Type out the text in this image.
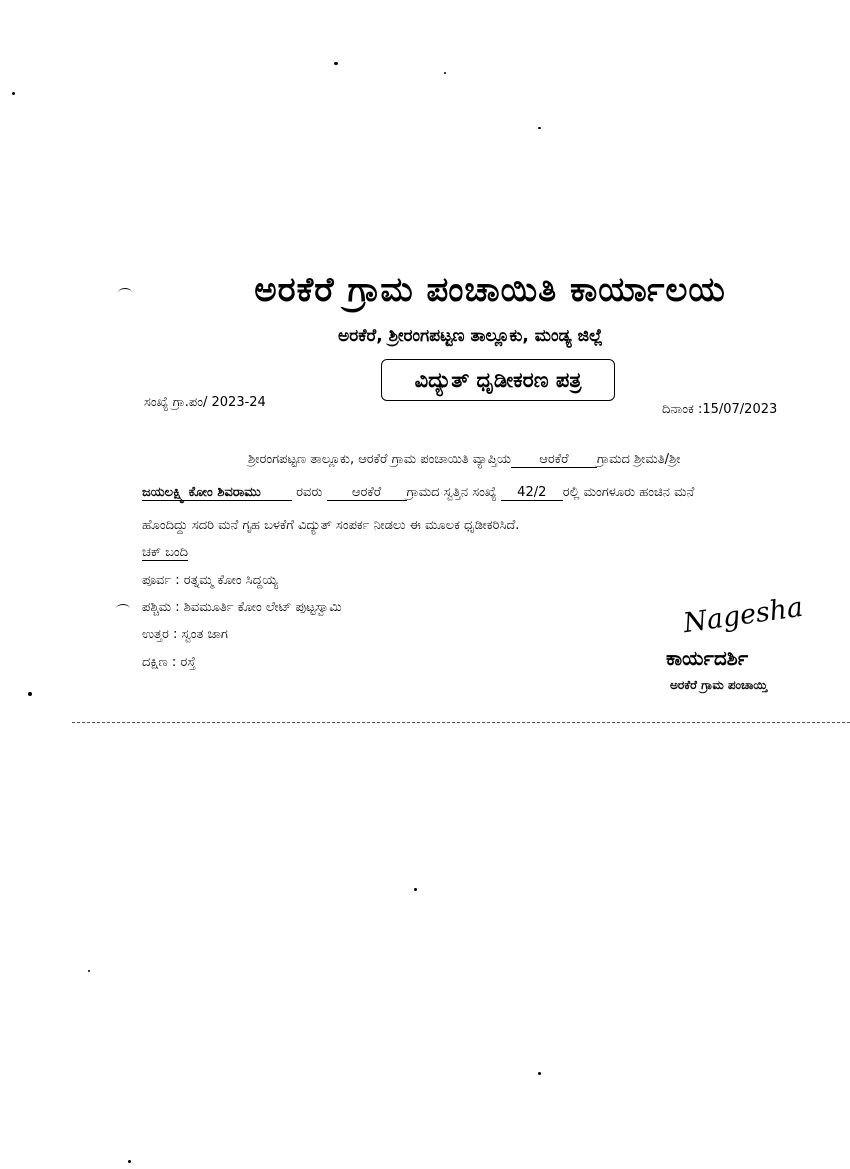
ಅರಕೆರೆ ಗ್ರಾಮ ಪಂಚಾಯಿತಿ ಕಾರ್ಯಾಲಯ
ಅರಕೆರೆ, ಶ್ರೀರಂಗಪಟ್ಟಣ ತಾಲ್ಲೂಕು, ಮಂಡ್ಯ ಜಿಲ್ಲೆ
ವಿದ್ಯುತ್ ಧೃಡೀಕರಣ ಪತ್ರ
ಸಂಖ್ಯೆ ಗ್ರಾ.ಪಂ/ 2023-24	ದಿನಾಂಕ :15/07/2023
ಶ್ರೀರಂಗಪಟ್ಟಣ ತಾಲ್ಲೂಕು, ಆರಕೆರೆ ಗ್ರಾಮ ಪಂಚಾಯಿತಿ ವ್ಯಾಪ್ತಿಯ ಆರಕೆರೆ ಗ್ರಾಮದ ಶ್ರೀಮತಿ/ಶ್ರೀ
ಜಯಲಕ್ಷ್ಮಿ ಕೋಂ ಶಿವರಾಮು	ರವರು ಆರಕೆರೆ ಗ್ರಾಮದ ಸ್ವತ್ತಿನ ಸಂಖ್ಯೆ 42/2 ರಲ್ಲಿ ಮಂಗಳೂರು ಹಂಚಿನ ಮನೆ
ಹೊಂದಿದ್ದು ಸದರಿ ಮನೆ ಗೃಹ ಬಳಕೆಗೆ ವಿದ್ಯುತ್ ಸಂಪರ್ಕ ನೀಡಲು ಈ ಮೂಲಕ ಧೃಡೀಕರಿಸಿದೆ.
ಚಕ್ ಬಂದಿ
ಪೂರ್ವ : ರತ್ನಮ್ಮ ಕೋಂ ಸಿದ್ದಯ್ಯ
ಪಶ್ಚಿಮ : ಶಿವಮೂರ್ತಿ ಕೋಂ ಲೇಟ್ ಪುಟ್ಟಸ್ವಾಮಿ
ಉತ್ತರ : ಸ್ವಂತ ಜಾಗ
ದಕ್ಷಿಣ : ರಸ್ತೆ
Nagesha
ಕಾರ್ಯದರ್ಶಿ
ಅರಕೆರೆ ಗ್ರಾಮ ಪಂಚಾಯ್ತಿ
